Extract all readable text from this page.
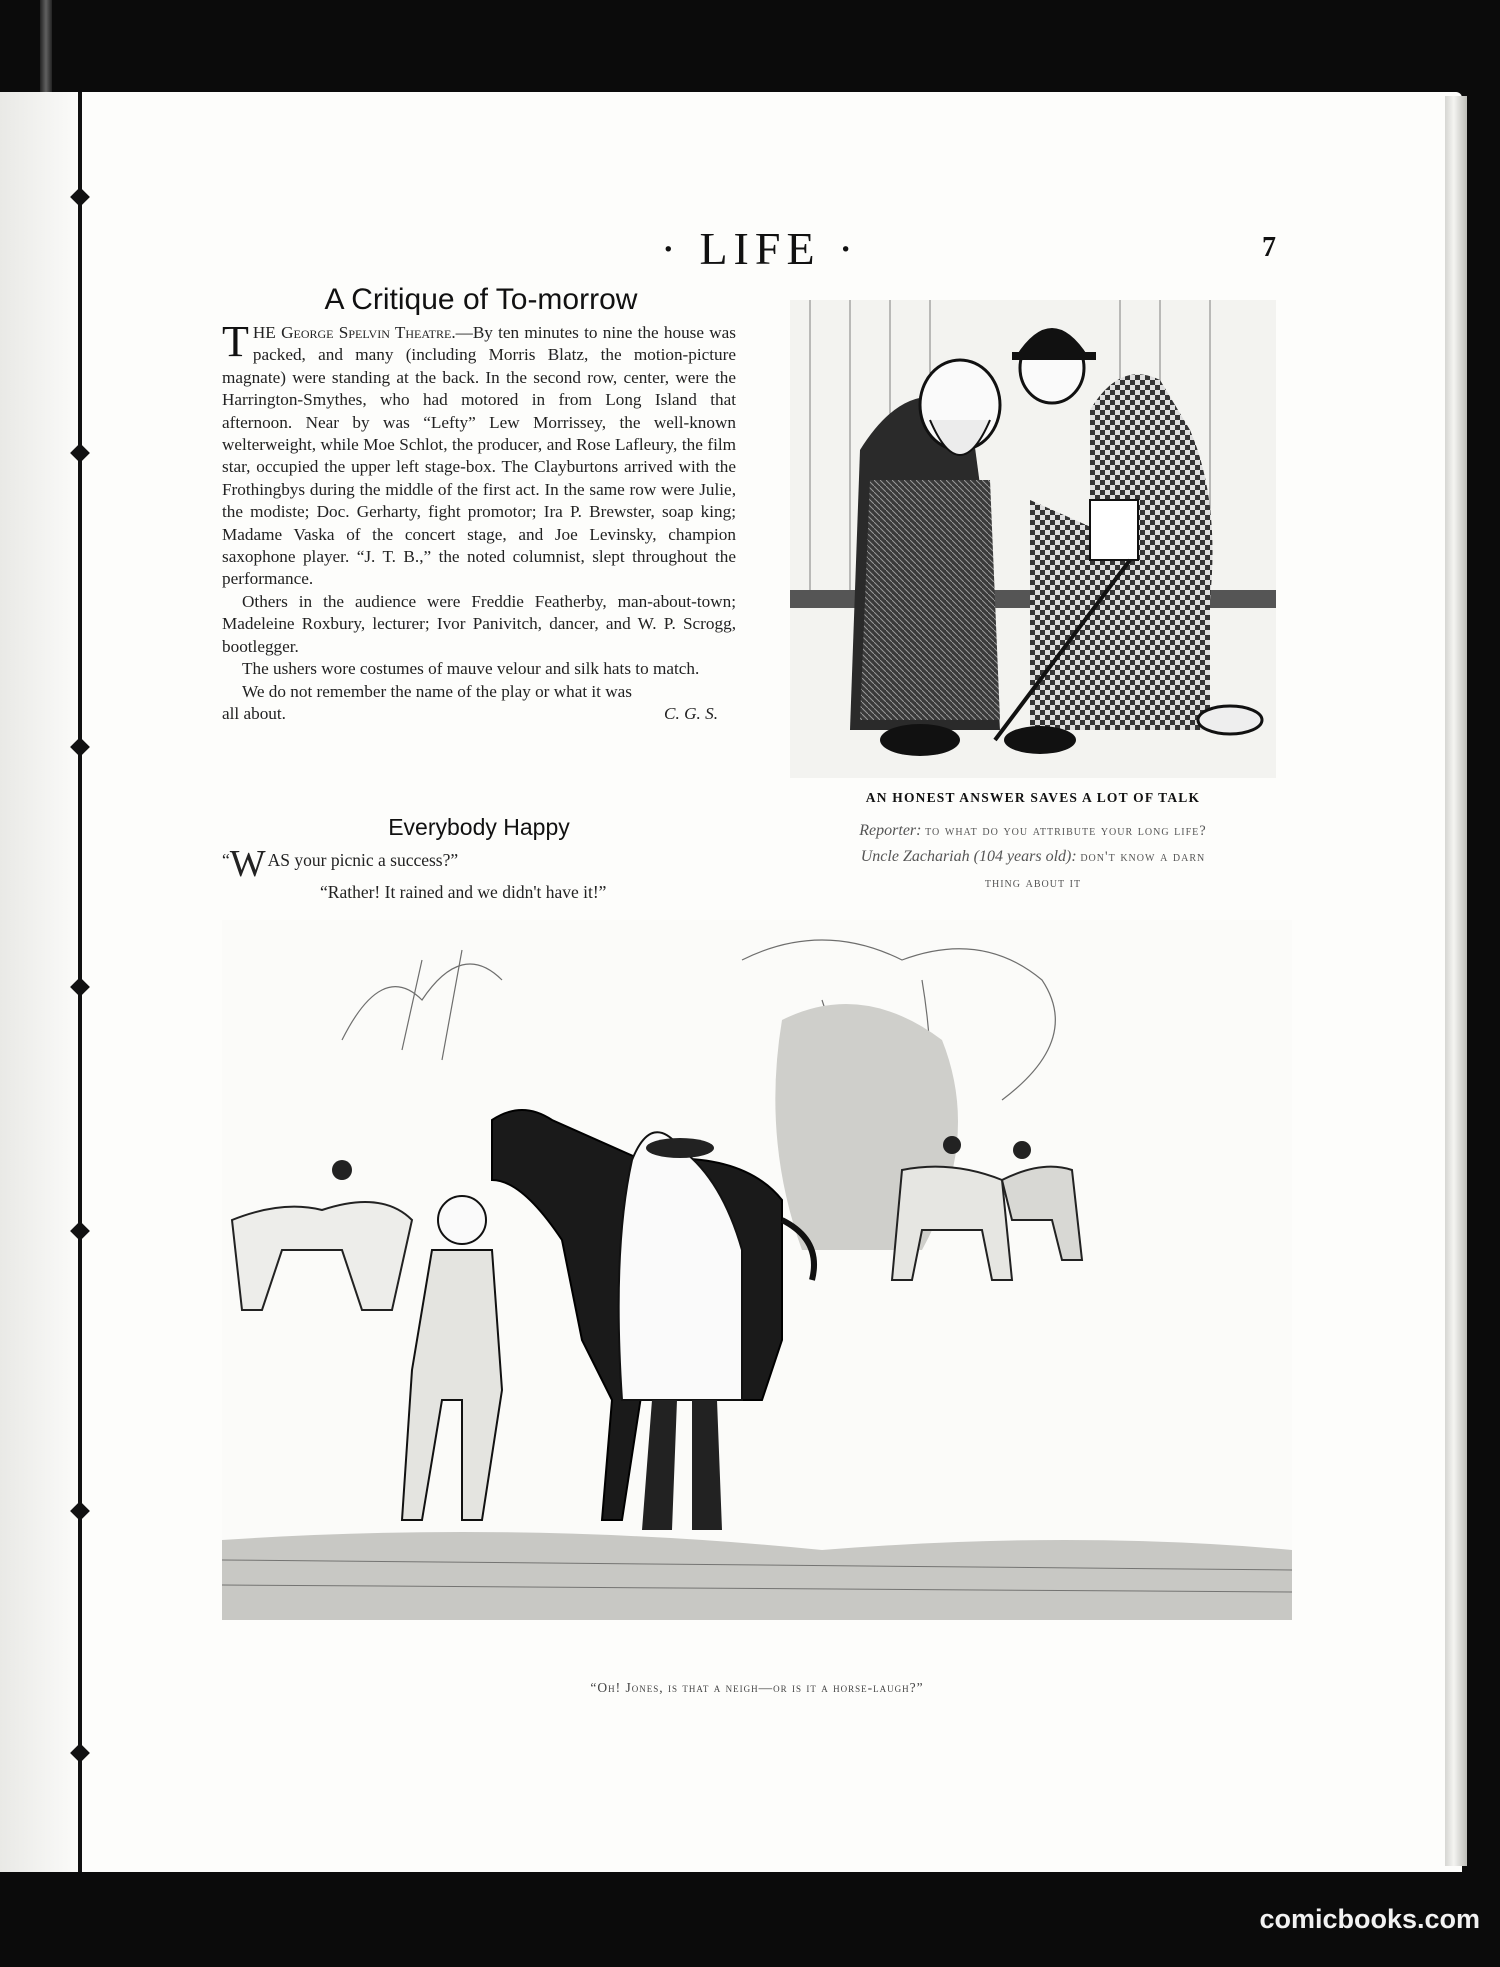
· LIFE ·	7
A Critique of To-morrow

T HE George Spelvin Theatre.—By ten minutes to nine the house was packed, and many (including Morris Blatz, the motion-picture magnate) were standing at the back. In the second row, center, were the Harrington-Smythes, who had motored in from Long Island that afternoon. Near by was “Lefty” Lew Morrissey, the well-known welterweight, while Moe Schlot, the producer, and Rose Lafleury, the film star, occupied the upper left stage-box. The Clayburtons arrived with the Frothingbys during the middle of the first act. In the same row were Julie, the modiste; Doc. Gerharty, fight promotor; Ira P. Brewster, soap king; Madame Vaska of the concert stage, and Joe Levinsky, champion saxophone player. “J. T. B.,” the noted columnist, slept throughout the performance.

Others in the audience were Freddie Featherby, man-about-town; Madeleine Roxbury, lecturer; Ivor Panivitch, dancer, and W. P. Scrogg, bootlegger.

The ushers wore costumes of mauve velour and silk hats to match.

We do not remember the name of the play or what it was

all about.	C. G. S.

Everybody Happy
“ W AS your picnic a success?”
“Rather! It rained and we didn't have it!”
AN HONEST ANSWER SAVES A LOT OF TALK
Reporter: to what do you attribute your long life?
Uncle Zachariah (104 years old): don't know a darn
thing about it
“Oh! Jones, is that a neigh—or is it a horse-laugh?”
comicbooks.com
